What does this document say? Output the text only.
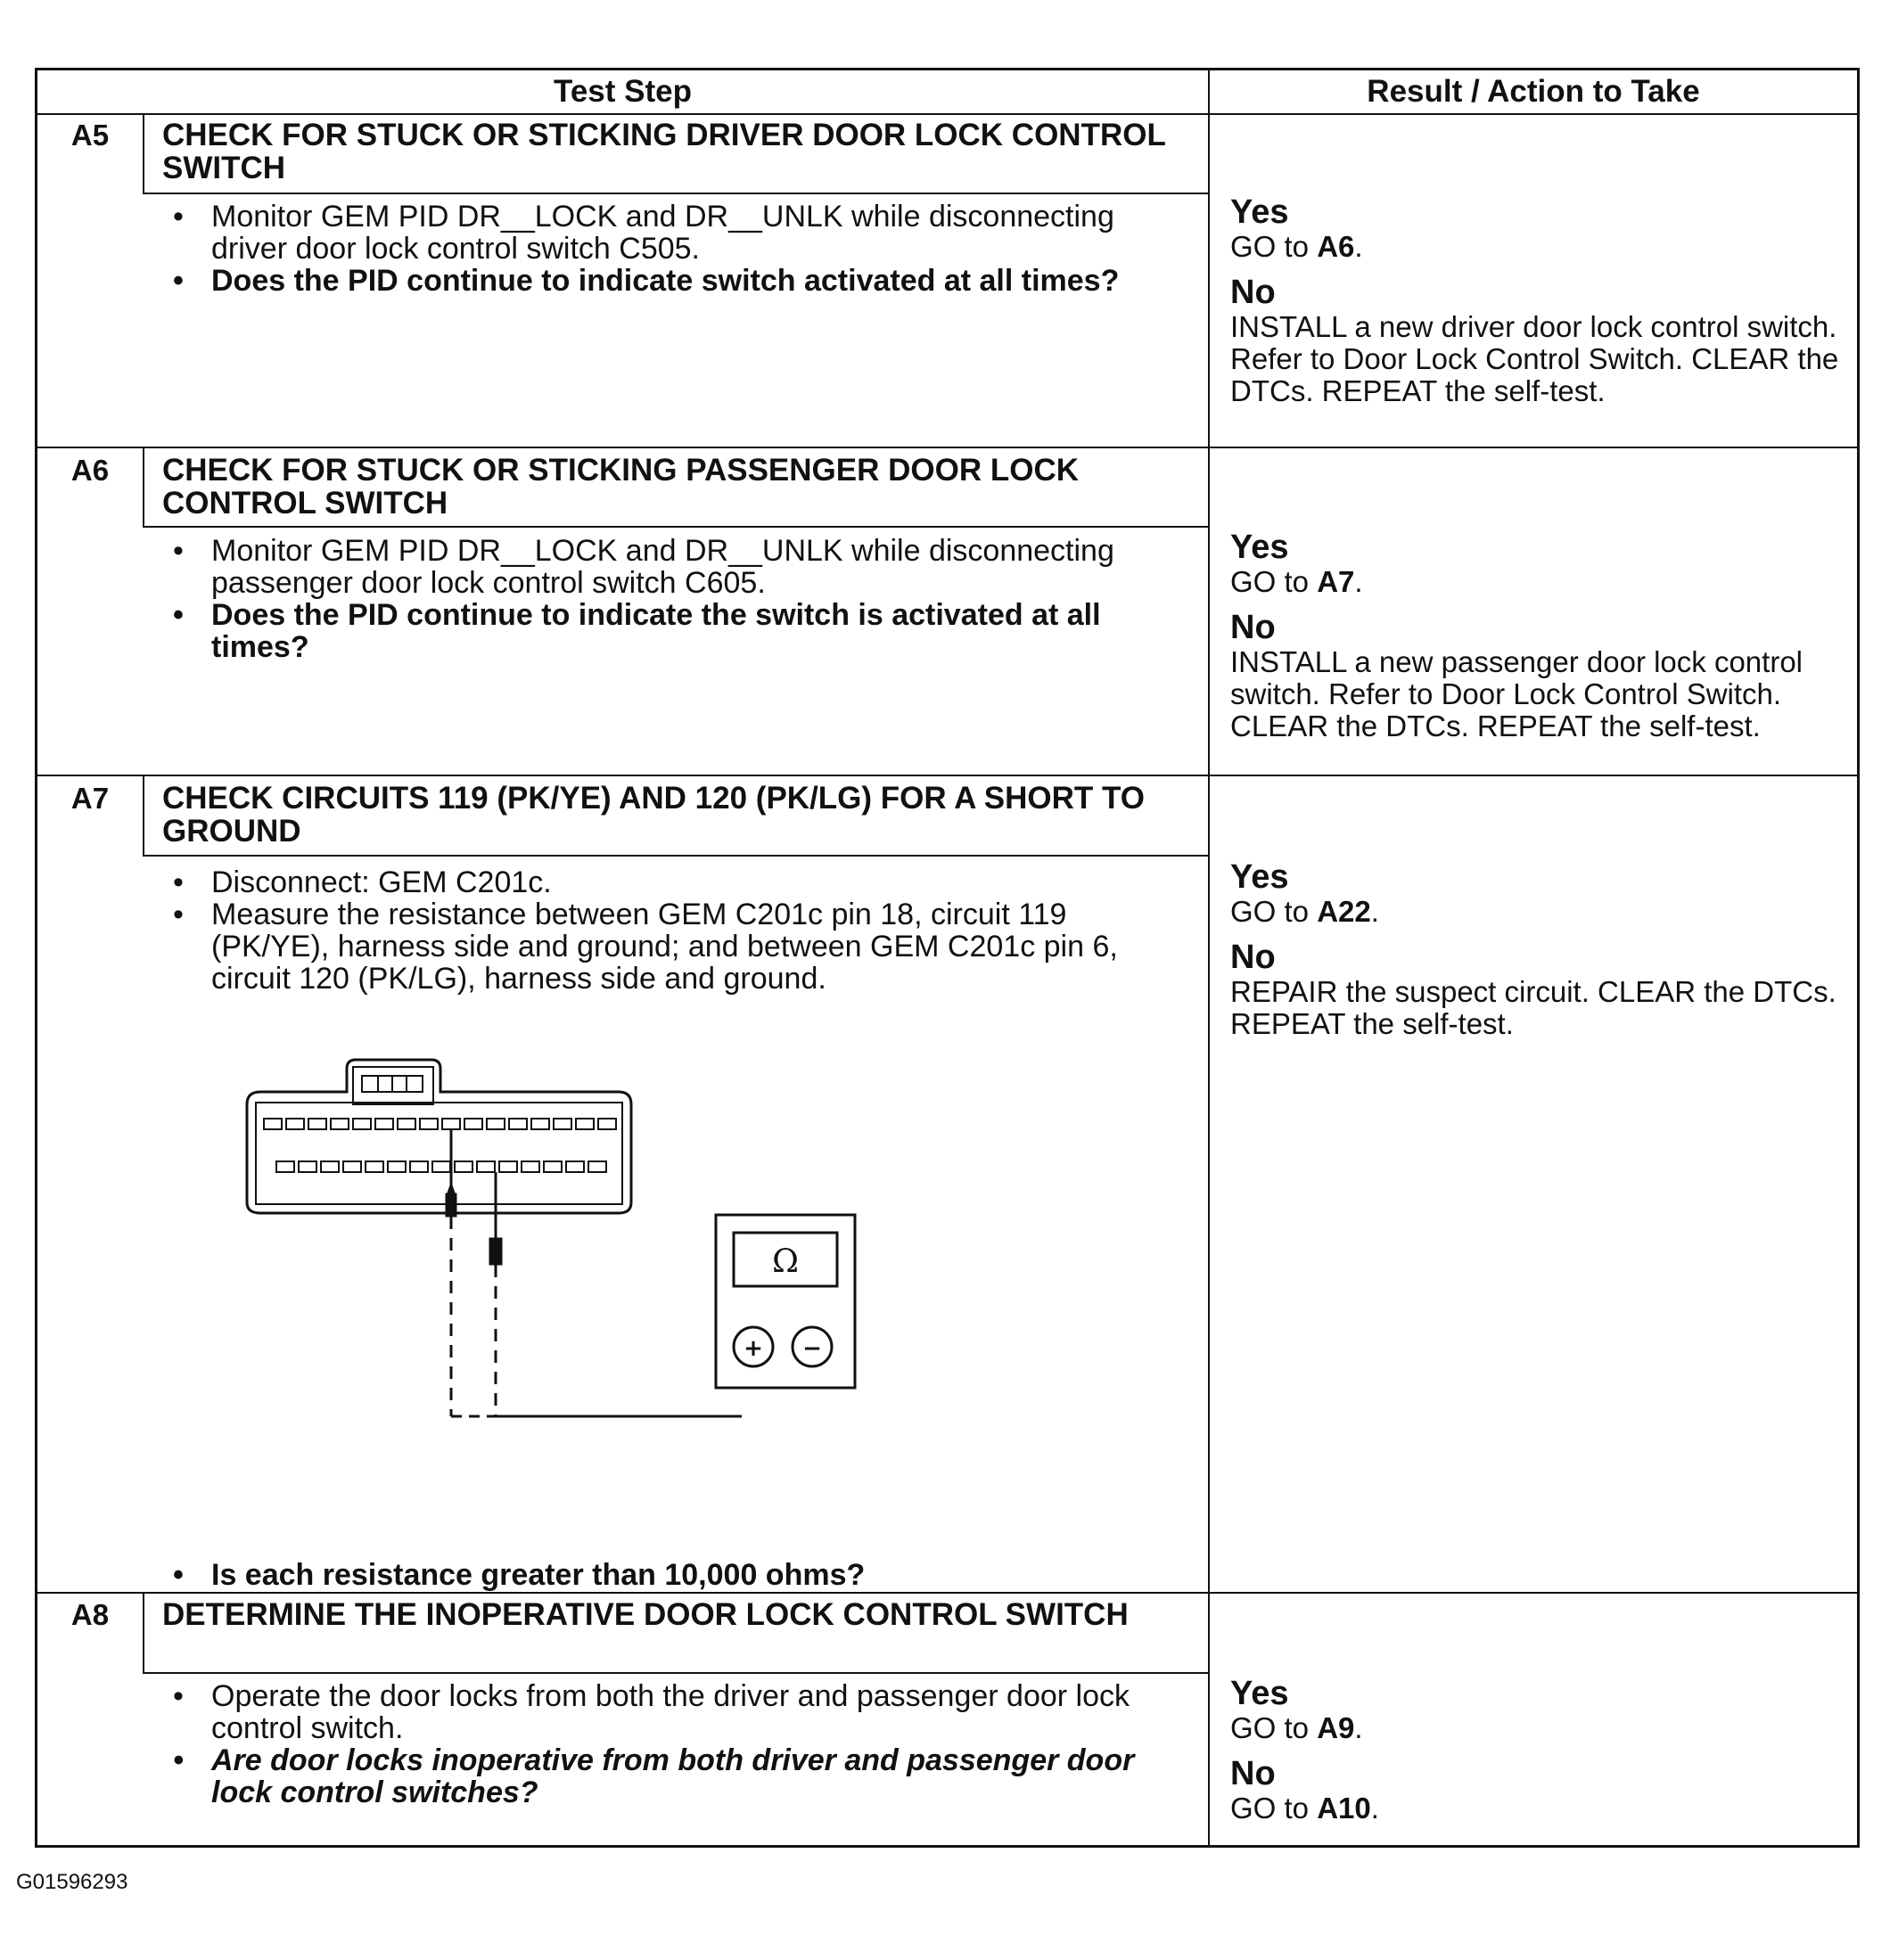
Test Step	Result / Action to Take
A5	CHECK FOR STUCK OR STICKING DRIVER DOOR LOCK CONTROL SWITCH
• Monitor GEM PID DR__LOCK and DR__UNLK while disconnecting driver door lock control switch C505.
• Does the PID continue to indicate switch activated at all times?
Yes
GO to A6.
No
INSTALL a new driver door lock control switch. Refer to Door Lock Control Switch. CLEAR the DTCs. REPEAT the self-test.
A6	CHECK FOR STUCK OR STICKING PASSENGER DOOR LOCK CONTROL SWITCH
• Monitor GEM PID DR__LOCK and DR__UNLK while disconnecting passenger door lock control switch C605.
• Does the PID continue to indicate the switch is activated at all times?
Yes
GO to A7.
No
INSTALL a new passenger door lock control switch. Refer to Door Lock Control Switch. CLEAR the DTCs. REPEAT the self-test.
A7	CHECK CIRCUITS 119 (PK/YE) AND 120 (PK/LG) FOR A SHORT TO GROUND
• Disconnect: GEM C201c.
• Measure the resistance between GEM C201c pin 18, circuit 119 (PK/YE), harness side and ground; and between GEM C201c pin 6, circuit 120 (PK/LG), harness side and ground.
• Is each resistance greater than 10,000 ohms?
Yes
GO to A22.
No
REPAIR the suspect circuit. CLEAR the DTCs. REPEAT the self-test.
Ω
+ −
A8	DETERMINE THE INOPERATIVE DOOR LOCK CONTROL SWITCH
• Operate the door locks from both the driver and passenger door lock control switch.
• Are door locks inoperative from both driver and passenger door lock control switches?
Yes
GO to A9.
No
GO to A10.
G01596293
